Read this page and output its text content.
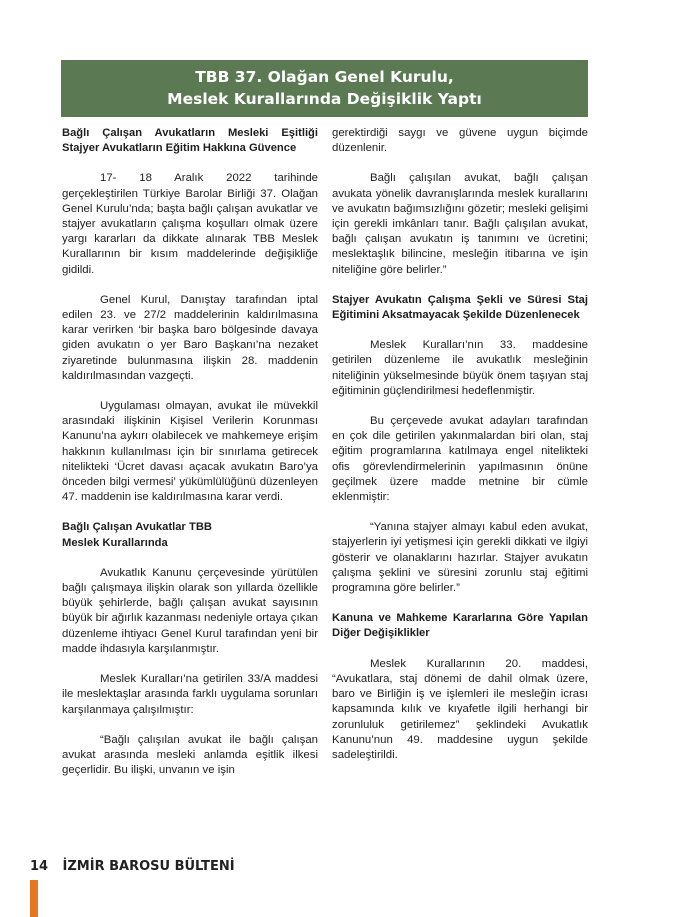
TBB 37. Olağan Genel Kurulu,
Meslek Kurallarında Değişiklik Yaptı
Bağlı Çalışan Avukatların Mesleki Eşitliği Stajyer Avukatların Eğitim Hakkına Güvence

17- 18 Aralık 2022 tarihinde gerçekleştirilen Türkiye Barolar Birliği 37. Olağan Genel Kurulu’nda; başta bağlı çalışan avukatlar ve stajyer avukatların çalışma koşulları olmak üzere yargı kararları da dikkate alınarak TBB Meslek Kurallarının bir kısım maddelerinde değişikliğe gidildi.

Genel Kurul, Danıştay tarafından iptal edilen 23. ve 27/2 maddelerinin kaldırılmasına karar verirken ‘bir başka baro bölgesinde davaya giden avukatın o yer Baro Başkanı’na nezaket ziyaretinde bulunmasına ilişkin 28. maddenin kaldırılmasından vazgeçti.

Uygulaması olmayan, avukat ile müvekkil arasındaki ilişkinin Kişisel Verilerin Korunması Kanunu’na aykırı olabilecek ve mahkemeye erişim hakkının kullanılması için bir sınırlama getirecek nitelikteki ‘Ücret davası açacak avukatın Baro’ya önceden bilgi vermesi’ yükümlülüğünü düzenleyen 47. maddenin ise kaldırılmasına karar verdi.

Bağlı Çalışan Avukatlar TBB Meslek Kurallarında

Avukatlık Kanunu çerçevesinde yürütülen bağlı çalışmaya ilişkin olarak son yıllarda özellikle büyük şehirlerde, bağlı çalışan avukat sayısının büyük bir ağırlık kazanması nedeniyle ortaya çıkan düzenleme ihtiyacı Genel Kurul tarafından yeni bir madde ihdasıyla karşılanmıştır.

Meslek Kuralları’na getirilen 33/A maddesi ile meslektaşlar arasında farklı uygulama sorunları karşılanmaya çalışılmıştır:

“Bağlı çalışılan avukat ile bağlı çalışan avukat arasında mesleki anlamda eşitlik ilkesi geçerlidir. Bu ilişki, unvanın ve işin

gerektirdiği saygı ve güvene uygun biçimde düzenlenir.

Bağlı çalışılan avukat, bağlı çalışan avukata yönelik davranışlarında meslek kurallarını ve avukatın bağımsızlığını gözetir; mesleki gelişimi için gerekli imkânları tanır. Bağlı çalışılan avukat, bağlı çalışan avukatın iş tanımını ve ücretini; meslektaşlık bilincine, mesleğin itibarına ve işin niteliğine göre belirler.”

Stajyer Avukatın Çalışma Şekli ve Süresi Staj Eğitimini Aksatmayacak Şekilde Düzenlenecek

Meslek Kuralları’nın 33. maddesine getirilen düzenleme ile avukatlık mesleğinin niteliğinin yükselmesinde büyük önem taşıyan staj eğitiminin güçlendirilmesi hedeflenmiştir.

Bu çerçevede avukat adayları tarafından en çok dile getirilen yakınmalardan biri olan, staj eğitim programlarına katılmaya engel nitelikteki ofis görevlendirmelerinin yapılmasının önüne geçilmek üzere madde metnine bir cümle eklenmiştir:

“Yanına stajyer almayı kabul eden avukat, stajyerlerin iyi yetişmesi için gerekli dikkati ve ilgiyi gösterir ve olanaklarını hazırlar. Stajyer avukatın çalışma şeklini ve süresini zorunlu staj eğitimi programına göre belirler.”

Kanuna ve Mahkeme Kararlarına Göre Yapılan Diğer Değişiklikler

Meslek Kurallarının 20. maddesi, “Avukatlara, staj dönemi de dahil olmak üzere, baro ve Birliğin iş ve işlemleri ile mesleğin icrası kapsamında kılık ve kıyafetle ilgili herhangi bir zorunluluk getirilemez” şeklindeki Avukatlık Kanunu’nun 49. maddesine uygun şekilde sadeleştirildi.

14 İZMİR BAROSU BÜLTENİ
